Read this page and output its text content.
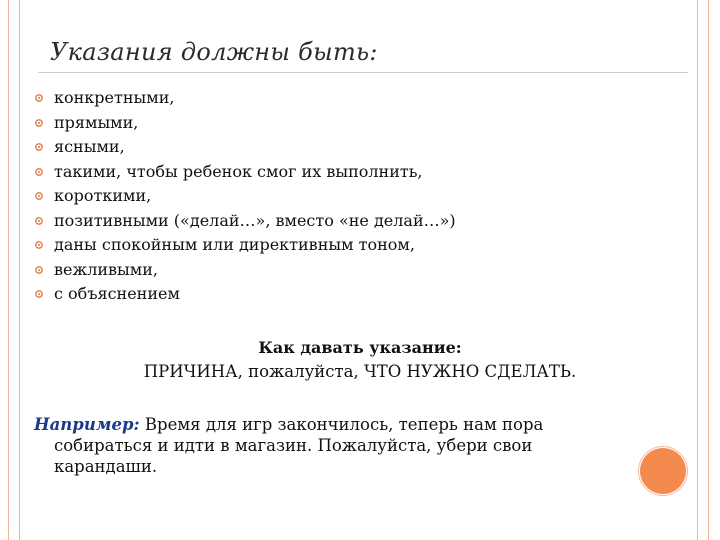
Указания должны быть:
конкретными,
прямыми,
ясными,
такими, чтобы ребенок смог их выполнить,
короткими,
позитивными («делай…», вместо «не делай…»)
даны спокойным или директивным тоном,
вежливыми,
с объяснением
Как давать указание:
ПРИЧИНА, пожалуйста, ЧТО НУЖНО СДЕЛАТЬ.
Например: Время для игр закончилось, теперь нам пора
собираться и идти в магазин. Пожалуйста, убери свои
карандаши.
